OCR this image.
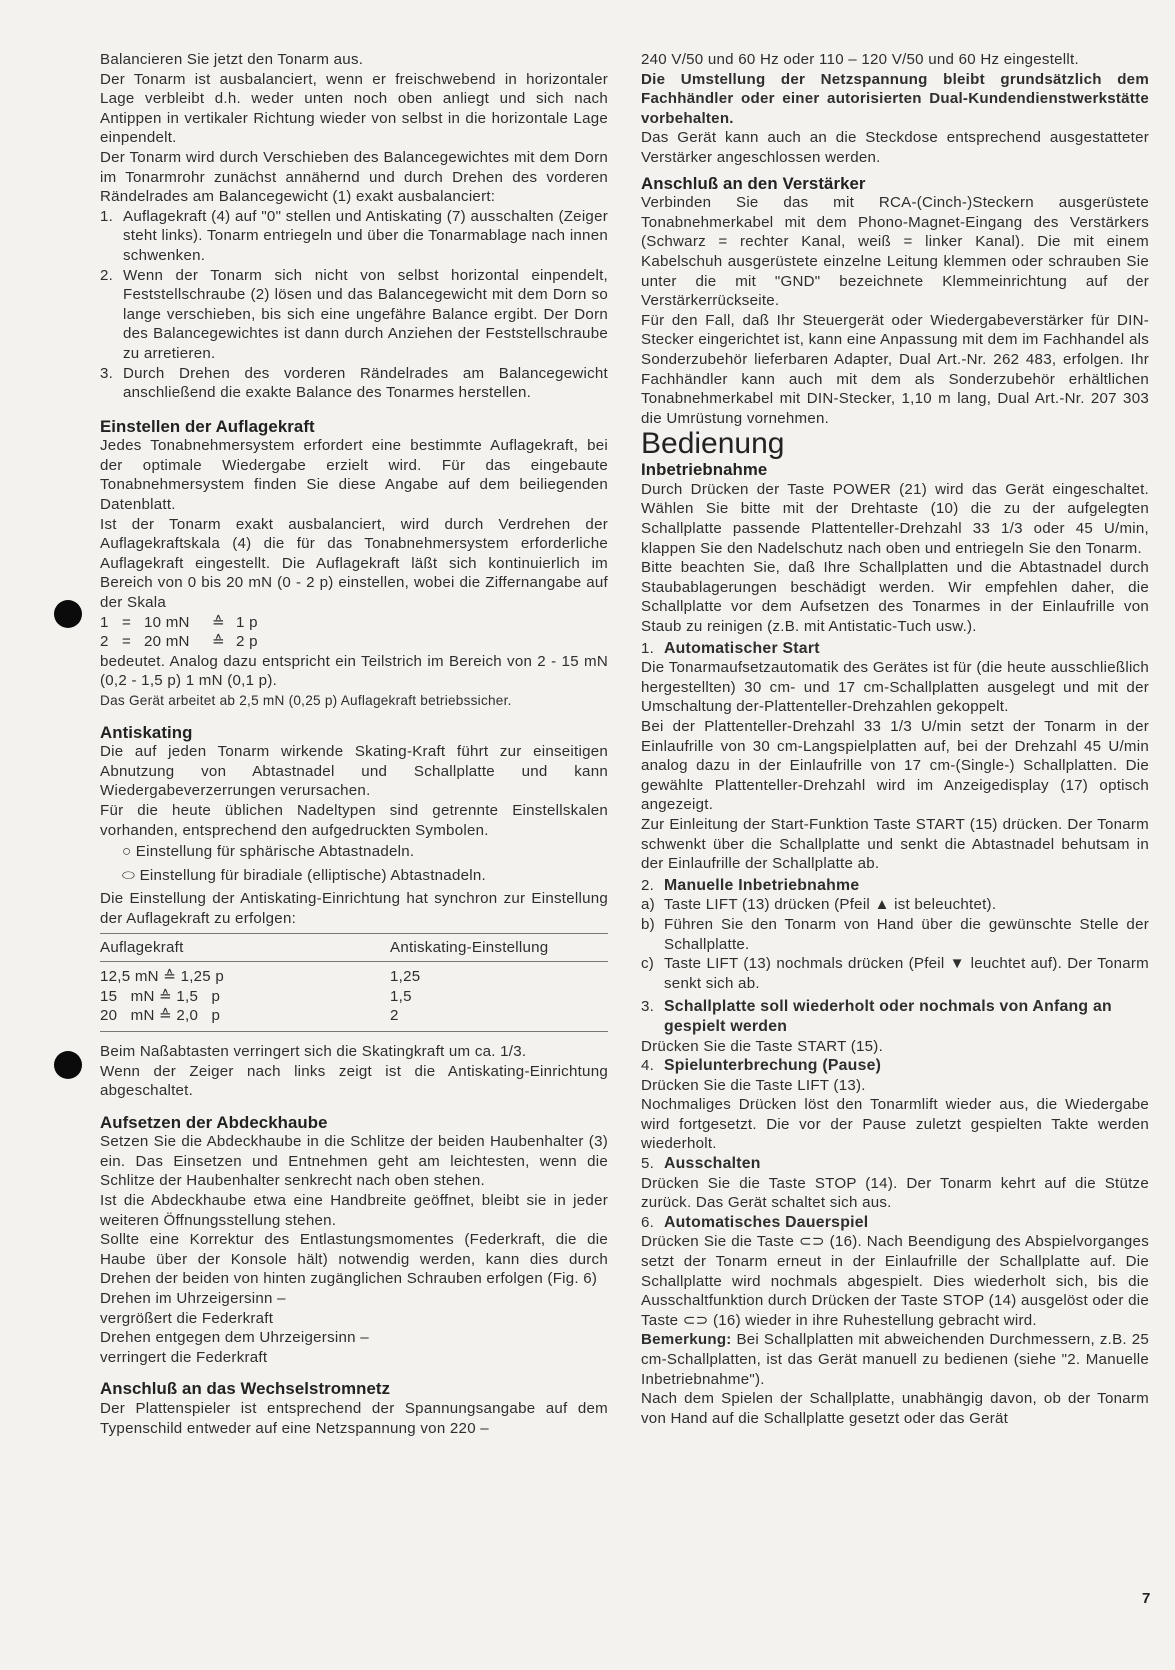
Balancieren Sie jetzt den Tonarm aus.

Der Tonarm ist ausbalanciert, wenn er freischwebend in horizontaler Lage verbleibt d.h. weder unten noch oben anliegt und sich nach Antippen in vertikaler Richtung wieder von selbst in die horizontale Lage einpendelt.

Der Tonarm wird durch Verschieben des Balancegewichtes mit dem Dorn im Tonarmrohr zunächst annähernd und durch Drehen des vorderen Rändelrades am Balancegewicht (1) exakt ausbalanciert:

1. Auflagekraft (4) auf "0" stellen und Antiskating (7) ausschalten (Zeiger steht links). Tonarm entriegeln und über die Tonarmablage nach innen schwenken.
2. Wenn der Tonarm sich nicht von selbst horizontal einpendelt, Feststellschraube (2) lösen und das Balancegewicht mit dem Dorn so lange verschieben, bis sich eine ungefähre Balance ergibt. Der Dorn des Balancegewichtes ist dann durch Anziehen der Feststellschraube zu arretieren.
3. Durch Drehen des vorderen Rändelrades am Balancegewicht anschließend die exakte Balance des Tonarmes herstellen.
Einstellen der Auflagekraft

Jedes Tonabnehmersystem erfordert eine bestimmte Auflagekraft, bei der optimale Wiedergabe erzielt wird. Für das eingebaute Tonabnehmersystem finden Sie diese Angabe auf dem beiliegenden Datenblatt.

Ist der Tonarm exakt ausbalanciert, wird durch Verdrehen der Auflagekraftskala (4) die für das Tonabnehmersystem erforderliche Auflagekraft eingestellt. Die Auflagekraft läßt sich kontinuierlich im Bereich von 0 bis 20 mN (0 - 2 p) einstellen, wobei die Ziffernangabe auf der Skala

1 = 10 mN	≙ 1 p
2 = 20 mN	≙ 2 p

bedeutet. Analog dazu entspricht ein Teilstrich im Bereich von 2 - 15 mN (0,2 - 1,5 p) 1 mN (0,1 p).

Das Gerät arbeitet ab 2,5 mN (0,25 p) Auflagekraft betriebssicher.

Antiskating

Die auf jeden Tonarm wirkende Skating-Kraft führt zur einseitigen Abnutzung von Abtastnadel und Schallplatte und kann Wiedergabeverzerrungen verursachen.

Für die heute üblichen Nadeltypen sind getrennte Einstellskalen vorhanden, entsprechend den aufgedruckten Symbolen.

○ Einstellung für sphärische Abtastnadeln.

⬭ Einstellung für biradiale (elliptische) Abtastnadeln.

Die Einstellung der Antiskating-Einrichtung hat synchron zur Einstellung der Auflagekraft zu erfolgen:

Auflagekraft	Antiskating-Einstellung
12,5 mN ≙ 1,25 p	1,25
15   mN ≙ 1,5   p	1,5
20   mN ≙ 2,0   p	2

Beim Naßabtasten verringert sich die Skatingkraft um ca. 1/3.

Wenn der Zeiger nach links zeigt ist die Antiskating-Einrichtung abgeschaltet.

Aufsetzen der Abdeckhaube

Setzen Sie die Abdeckhaube in die Schlitze der beiden Haubenhalter (3) ein. Das Einsetzen und Entnehmen geht am leichtesten, wenn die Schlitze der Haubenhalter senkrecht nach oben stehen.

Ist die Abdeckhaube etwa eine Handbreite geöffnet, bleibt sie in jeder weiteren Öffnungsstellung stehen.

Sollte eine Korrektur des Entlastungsmomentes (Federkraft, die die Haube über der Konsole hält) notwendig werden, kann dies durch Drehen der beiden von hinten zugänglichen Schrauben erfolgen (Fig. 6)

Drehen im Uhrzeigersinn –

vergrößert die Federkraft

Drehen entgegen dem Uhrzeigersinn –

verringert die Federkraft

Anschluß an das Wechselstromnetz

Der Plattenspieler ist entsprechend der Spannungsangabe auf dem Typenschild entweder auf eine Netzspannung von 220 –

240 V/50 und 60 Hz oder 110 – 120 V/50 und 60 Hz eingestellt.

Die Umstellung der Netzspannung bleibt grundsätzlich dem Fachhändler oder einer autorisierten Dual-Kundendienstwerkstätte vorbehalten.

Das Gerät kann auch an die Steckdose entsprechend ausgestatteter Verstärker angeschlossen werden.

Anschluß an den Verstärker

Verbinden Sie das mit RCA-(Cinch-)Steckern ausgerüstete Tonabnehmerkabel mit dem Phono-Magnet-Eingang des Verstärkers (Schwarz = rechter Kanal, weiß = linker Kanal). Die mit einem Kabelschuh ausgerüstete einzelne Leitung klemmen oder schrauben Sie unter die mit "GND" bezeichnete Klemmeinrichtung auf der Verstärkerrückseite.

Für den Fall, daß Ihr Steuergerät oder Wiedergabeverstärker für DIN-Stecker eingerichtet ist, kann eine Anpassung mit dem im Fachhandel als Sonderzubehör lieferbaren Adapter, Dual Art.-Nr. 262 483, erfolgen. Ihr Fachhändler kann auch mit dem als Sonderzubehör erhältlichen Tonabnehmerkabel mit DIN-Stecker, 1,10 m lang, Dual Art.-Nr. 207 303 die Umrüstung vornehmen.

Bedienung
Inbetriebnahme

Durch Drücken der Taste POWER (21) wird das Gerät eingeschaltet. Wählen Sie bitte mit der Drehtaste (10) die zu der aufgelegten Schallplatte passende Plattenteller-Drehzahl 33 1/3 oder 45 U/min, klappen Sie den Nadelschutz nach oben und entriegeln Sie den Tonarm.

Bitte beachten Sie, daß Ihre Schallplatten und die Abtastnadel durch Staubablagerungen beschädigt werden. Wir empfehlen daher, die Schallplatte vor dem Aufsetzen des Tonarmes in der Einlaufrille von Staub zu reinigen (z.B. mit Antistatic-Tuch usw.).

1. Automatischer Start

Die Tonarmaufsetzautomatik des Gerätes ist für (die heute ausschließlich hergestellten) 30 cm- und 17 cm-Schallplatten ausgelegt und mit der Umschaltung der-Plattenteller-Drehzahlen gekoppelt.

Bei der Plattenteller-Drehzahl 33 1/3 U/min setzt der Tonarm in der Einlaufrille von 30 cm-Langspielplatten auf, bei der Drehzahl 45 U/min analog dazu in der Einlaufrille von 17 cm-(Single-) Schallplatten. Die gewählte Plattenteller-Drehzahl wird im Anzeigedisplay (17) optisch angezeigt.

Zur Einleitung der Start-Funktion Taste START (15) drücken. Der Tonarm schwenkt über die Schallplatte und senkt die Abtastnadel behutsam in der Einlaufrille der Schallplatte ab.

2. Manuelle Inbetriebnahme
a) Taste LIFT (13) drücken (Pfeil ▲ ist beleuchtet).
b) Führen Sie den Tonarm von Hand über die gewünschte Stelle der Schallplatte.
c) Taste LIFT (13) nochmals drücken (Pfeil ▼ leuchtet auf). Der Tonarm senkt sich ab.
3. Schallplatte soll wiederholt oder nochmals von Anfang an gespielt werden

Drücken Sie die Taste START (15).

4. Spielunterbrechung (Pause)

Drücken Sie die Taste LIFT (13).

Nochmaliges Drücken löst den Tonarmlift wieder aus, die Wiedergabe wird fortgesetzt. Die vor der Pause zuletzt gespielten Takte werden wiederholt.

5. Ausschalten

Drücken Sie die Taste STOP (14). Der Tonarm kehrt auf die Stütze zurück. Das Gerät schaltet sich aus.

6. Automatisches Dauerspiel

Drücken Sie die Taste ⊂⊃ (16). Nach Beendigung des Abspielvorganges setzt der Tonarm erneut in der Einlaufrille der Schallplatte auf. Die Schallplatte wird nochmals abgespielt. Dies wiederholt sich, bis die Ausschaltfunktion durch Drücken der Taste STOP (14) ausgelöst oder die Taste ⊂⊃ (16) wieder in ihre Ruhestellung gebracht wird.

Bemerkung: Bei Schallplatten mit abweichenden Durchmessern, z.B. 25 cm-Schallplatten, ist das Gerät manuell zu bedienen (siehe "2. Manuelle Inbetriebnahme").

Nach dem Spielen der Schallplatte, unabhängig davon, ob der Tonarm von Hand auf die Schallplatte gesetzt oder das Gerät

7
